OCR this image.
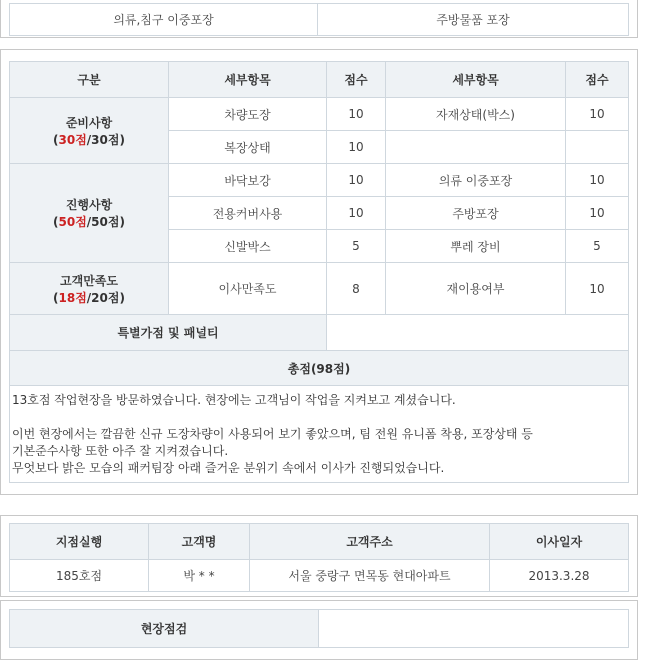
의류,침구 이중포장	주방물품 포장
구분	세부항목	점수	세부항목	점수

준비사항
(30점/30점)	차량도장	10	자재상태(박스)	10
	복장상태	10		

진행사항
(50점/50점)	바닥보강	10	의류 이중포장	10
	전용커버사용	10	주방포장	10
	신발박스	5	뿌레 장비	5

고객만족도
(18점/20점)	이사만족도	8	재이용여부	10
특별가점 및 패널티				
총점(98점)				

13호점 작업현장을 방문하였습니다. 현장에는 고객님이 작업을 지켜보고 계셨습니다.

이번 현장에서는 깔끔한 신규 도장차량이 사용되어 보기 좋았으며, 팀 전원 유니폼 착용, 포장상태 등

기본준수사항 또한 아주 잘 지켜졌습니다.

무엇보다 밝은 모습의 패커팀장 아래 즐거운 분위기 속에서 이사가 진행되었습니다.				

지점실행	고객명	고객주소	이사일자
185호점	박 * *	서울 중랑구 면목동 현대아파트	2013.3.28
현장점검	
